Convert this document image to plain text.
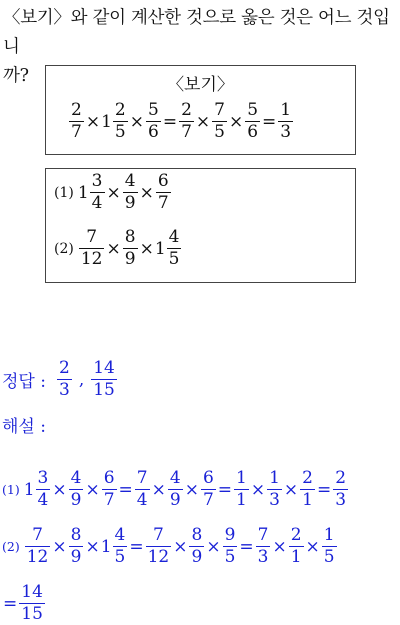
〈보기〉와 같이 계산한 것으로 옳은 것은 어느 것입니
까?	〈보기〉
$\frac{2}{7} \times 1 \frac{2}{5} \times \frac{5}{6} = \frac{2}{7} \times \frac{7}{5} \times \frac{5}{6} = \frac{1}{3}$
(1) $1 \frac{3}{4} \times \frac{4}{9} \times \frac{6}{7}$
$(2) \frac{7}{12} \times \frac{8}{9} \times 1 \frac{4}{5}$
정답 : $\frac{2}{3}$ , $\frac{14}{15}$
해설 :
(1) $1 \frac{3}{4} \times \frac{4}{9} \times \frac{6}{7} = \frac{7}{4} \times \frac{4}{9} \times \frac{6}{7} = \frac{1}{1} \times \frac{1}{3} \times \frac{2}{1} = \frac{2}{3}$
$(2) \frac{7}{12} \times \frac{8}{9} \times 1 \frac{4}{5} = \frac{7}{12} \times \frac{8}{9} \times \frac{9}{5} = \frac{7}{3} \times \frac{2}{1} \times \frac{1}{5}$
= $\frac{14}{15}$
